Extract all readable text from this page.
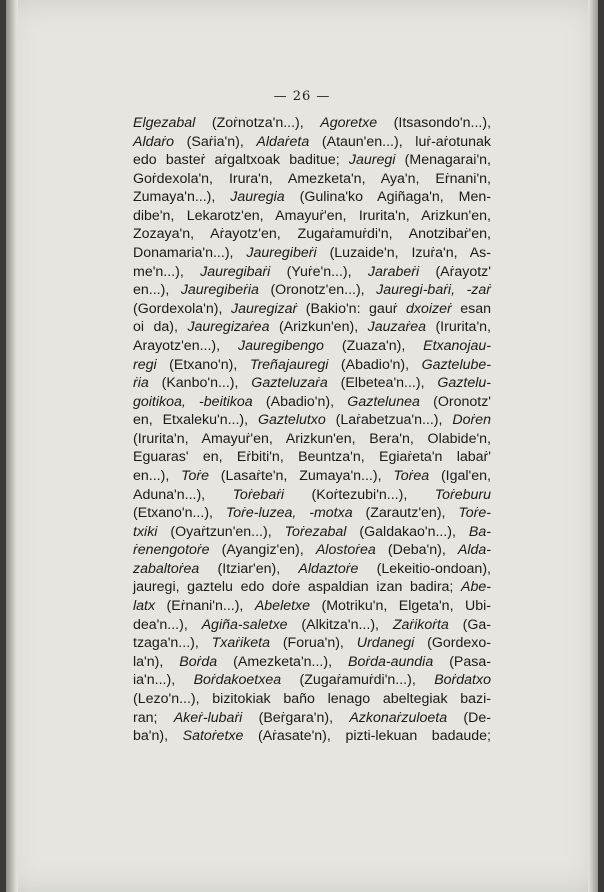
— 26 —
Elgezabal (Zoṙnotza'n...), Agoretxe (Itsasondo'n...),
Aldaṙo (Saṙia'n), Aldaṙeta (Ataun'en...), luṙ-aṙotunak
edo basteṙ aṙgaltxoak baditue; Jauregi (Menagarai'n,
Goṙdexola'n, Irura'n, Amezketa'n, Aya'n, Eṙnani'n,
Zumaya'n...), Jauregia (Gulina'ko Agiñaga'n, Men-
dibe'n, Lekarotz'en, Amayuṙ'en, Irurita'n, Arizkun'en,
Zozaya'n, Aṙayotz'en, Zugaṙamuṙdi'n, Anotzibaṙ'en,
Donamaria'n...), Jauregibeṙi (Luzaide'n, Izuṙa'n, As-
me'n...), Jauregibaṙi (Yuṙe'n...), Jarabeṙi (Aṙayotz'
en...), Jauregibeṙia (Oronotz'en...), Jauregi-baṙi, -zaṙ
(Gordexola'n), Jauregizaṙ (Bakio'n: gauṙ dxoizeṙ esan
oi da), Jauregizaṙea (Arizkun'en), Jauzaṙea (Irurita'n,
Arayotz'en...), Jauregibengo (Zuaza'n), Etxanojau-
regi (Etxano'n), Treñajauregi (Abadio'n), Gaztelube-
ṙia (Kanbo'n...), Gazteluzaṙa (Elbetea'n...), Gaztelu-
goitikoa, -beitikoa (Abadio'n), Gaztelunea (Oronotz'
en, Etxaleku'n...), Gaztelutxo (Laṙabetzua'n...), Doṙen
(Irurita'n, Amayuṙ'en, Arizkun'en, Bera'n, Olabide'n,
Eguaras' en, Eṙbiti'n, Beuntza'n, Egiaṙeta'n labaṙ'
en...), Toṙe (Lasaṙte'n, Zumaya'n...), Toṙea (Igal'en,
Aduna'n...), Toṙebaṙi (Koṙtezubi'n...), Toṙeburu
(Etxano'n...), Toṙe-luzea, -motxa (Zarautz'en), Toṙe-
txiki (Oyaṙtzun'en...), Toṙezabal (Galdakao'n...), Ba-
ṙenengotoṙe (Ayangiz'en), Alostoṙea (Deba'n), Alda-
zabaltoṙea (Itziar'en), Aldaztoṙe (Lekeitio-ondoan),
jauregi, gaztelu edo doṙe aspaldian izan badira; Abe-
latx (Eṙnani'n...), Abeletxe (Motriku'n, Elgeta'n, Ubi-
dea'n...), Agiña-saletxe (Alkitza'n...), Zaṙikoṙta (Ga-
tzaga'n...), Txaṙiketa (Forua'n), Urdanegi (Gordexo-
la'n), Boṙda (Amezketa'n...), Boṙda-aundia (Pasa-
ia'n...), Boṙdakoetxea (Zugaṙamuṙdi'n...), Boṙdatxo
(Lezo'n...), bizitokiak baño lenago abeltegiak bazi-
ran; Akeṙ-lubaṙi (Beṙgara'n), Azkonaṙzuloeta (De-
ba'n), Satoṙetxe (Aṙasate'n), pizti-lekuan badaude;
